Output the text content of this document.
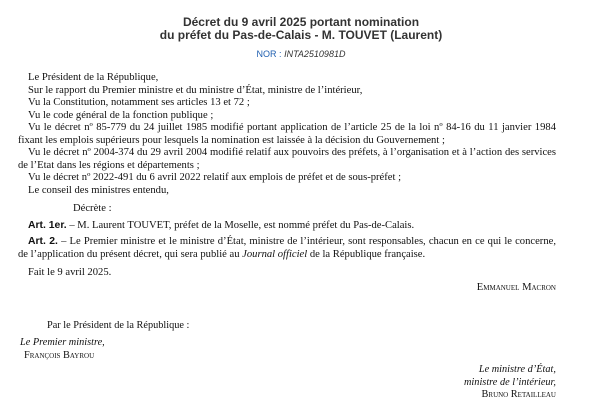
Décret du 9 avril 2025 portant nomination
du préfet du Pas-de-Calais - M. TOUVET (Laurent)
NOR : INTA2510981D

Le Président de la République,

Sur le rapport du Premier ministre et du ministre d’État, ministre de l’intérieur,

Vu la Constitution, notamment ses articles 13 et 72 ;

Vu le code général de la fonction publique ;

Vu le décret nº 85-779 du 24 juillet 1985 modifié portant application de l’article 25 de la loi nº 84-16 du 11 janvier 1984 fixant les emplois supérieurs pour lesquels la nomination est laissée à la décision du Gouvernement ;

Vu le décret nº 2004-374 du 29 avril 2004 modifié relatif aux pouvoirs des préfets, à l’organisation et à l’action des services de l’Etat dans les régions et départements ;

Vu le décret nº 2022-491 du 6 avril 2022 relatif aux emplois de préfet et de sous-préfet ;

Le conseil des ministres entendu,

Décrète :

Art. 1er. – M. Laurent TOUVET, préfet de la Moselle, est nommé préfet du Pas-de-Calais.

Art. 2. – Le Premier ministre et le ministre d’État, ministre de l’intérieur, sont responsables, chacun en ce qui le concerne, de l’application du présent décret, qui sera publié au Journal officiel de la République française.

Fait le 9 avril 2025.

Emmanuel Macron

Par le Président de la République :
Le Premier ministre,
François Bayrou
Le ministre d’État,
ministre de l’intérieur,
Bruno Retailleau
